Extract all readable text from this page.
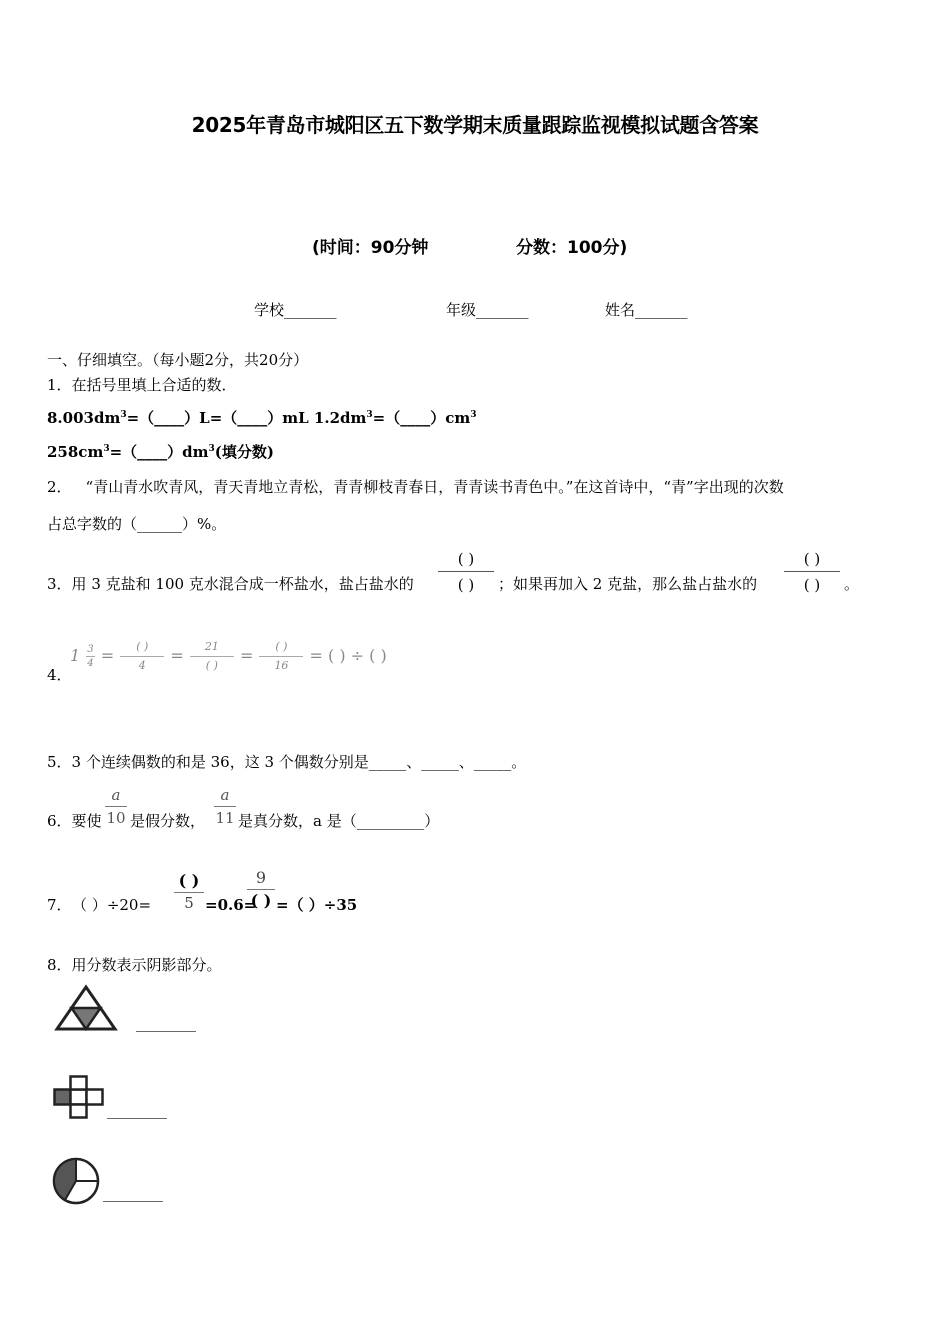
2025年青岛市城阳区五下数学期末质量跟踪监视模拟试题含答案
(时间：90分钟	分数：100分)
学校_______	年级_______	姓名_______
一、仔细填空。（每小题2分，共20分）
1．在括号里填上合适的数．
$8.003dm^3=(\_\_\_\_)L=(\_\_\_\_)mL$ $1.2dm^3=(\_\_\_\_)cm^3$
$258cm^3=(\_\_\_\_)dm^3$(填分数)
2． “青山青水吹青风，青天青地立青松，青青柳枝青春日，青青读书青色中。”在这首诗中，“青”字出现的次数
占总字数的（______）%。
3．用 3 克盐和 100 克水混合成一杯盐水，盐占盐水的
( )
( )	；如果再加入 2 克盐，那么盐占盐水的
( )
( )	。
$1 \frac{3}{4} = \frac{( )}{4} = \frac{21}{( )} = \frac{( )}{16}$ = ( ) ÷ ( )
4．
5．3 个连续偶数的和是 36，这 3 个偶数分别是_____、_____、_____。
6．要使 $\frac{a}{10}$ 是假分数， $\frac{a}{11}$ 是真分数，a 是（_________）
7． （ ）÷20=
( )
5 =0.6=
9
( ) =（ ）÷35
8．用分数表示阴影部分。
________
________
________
